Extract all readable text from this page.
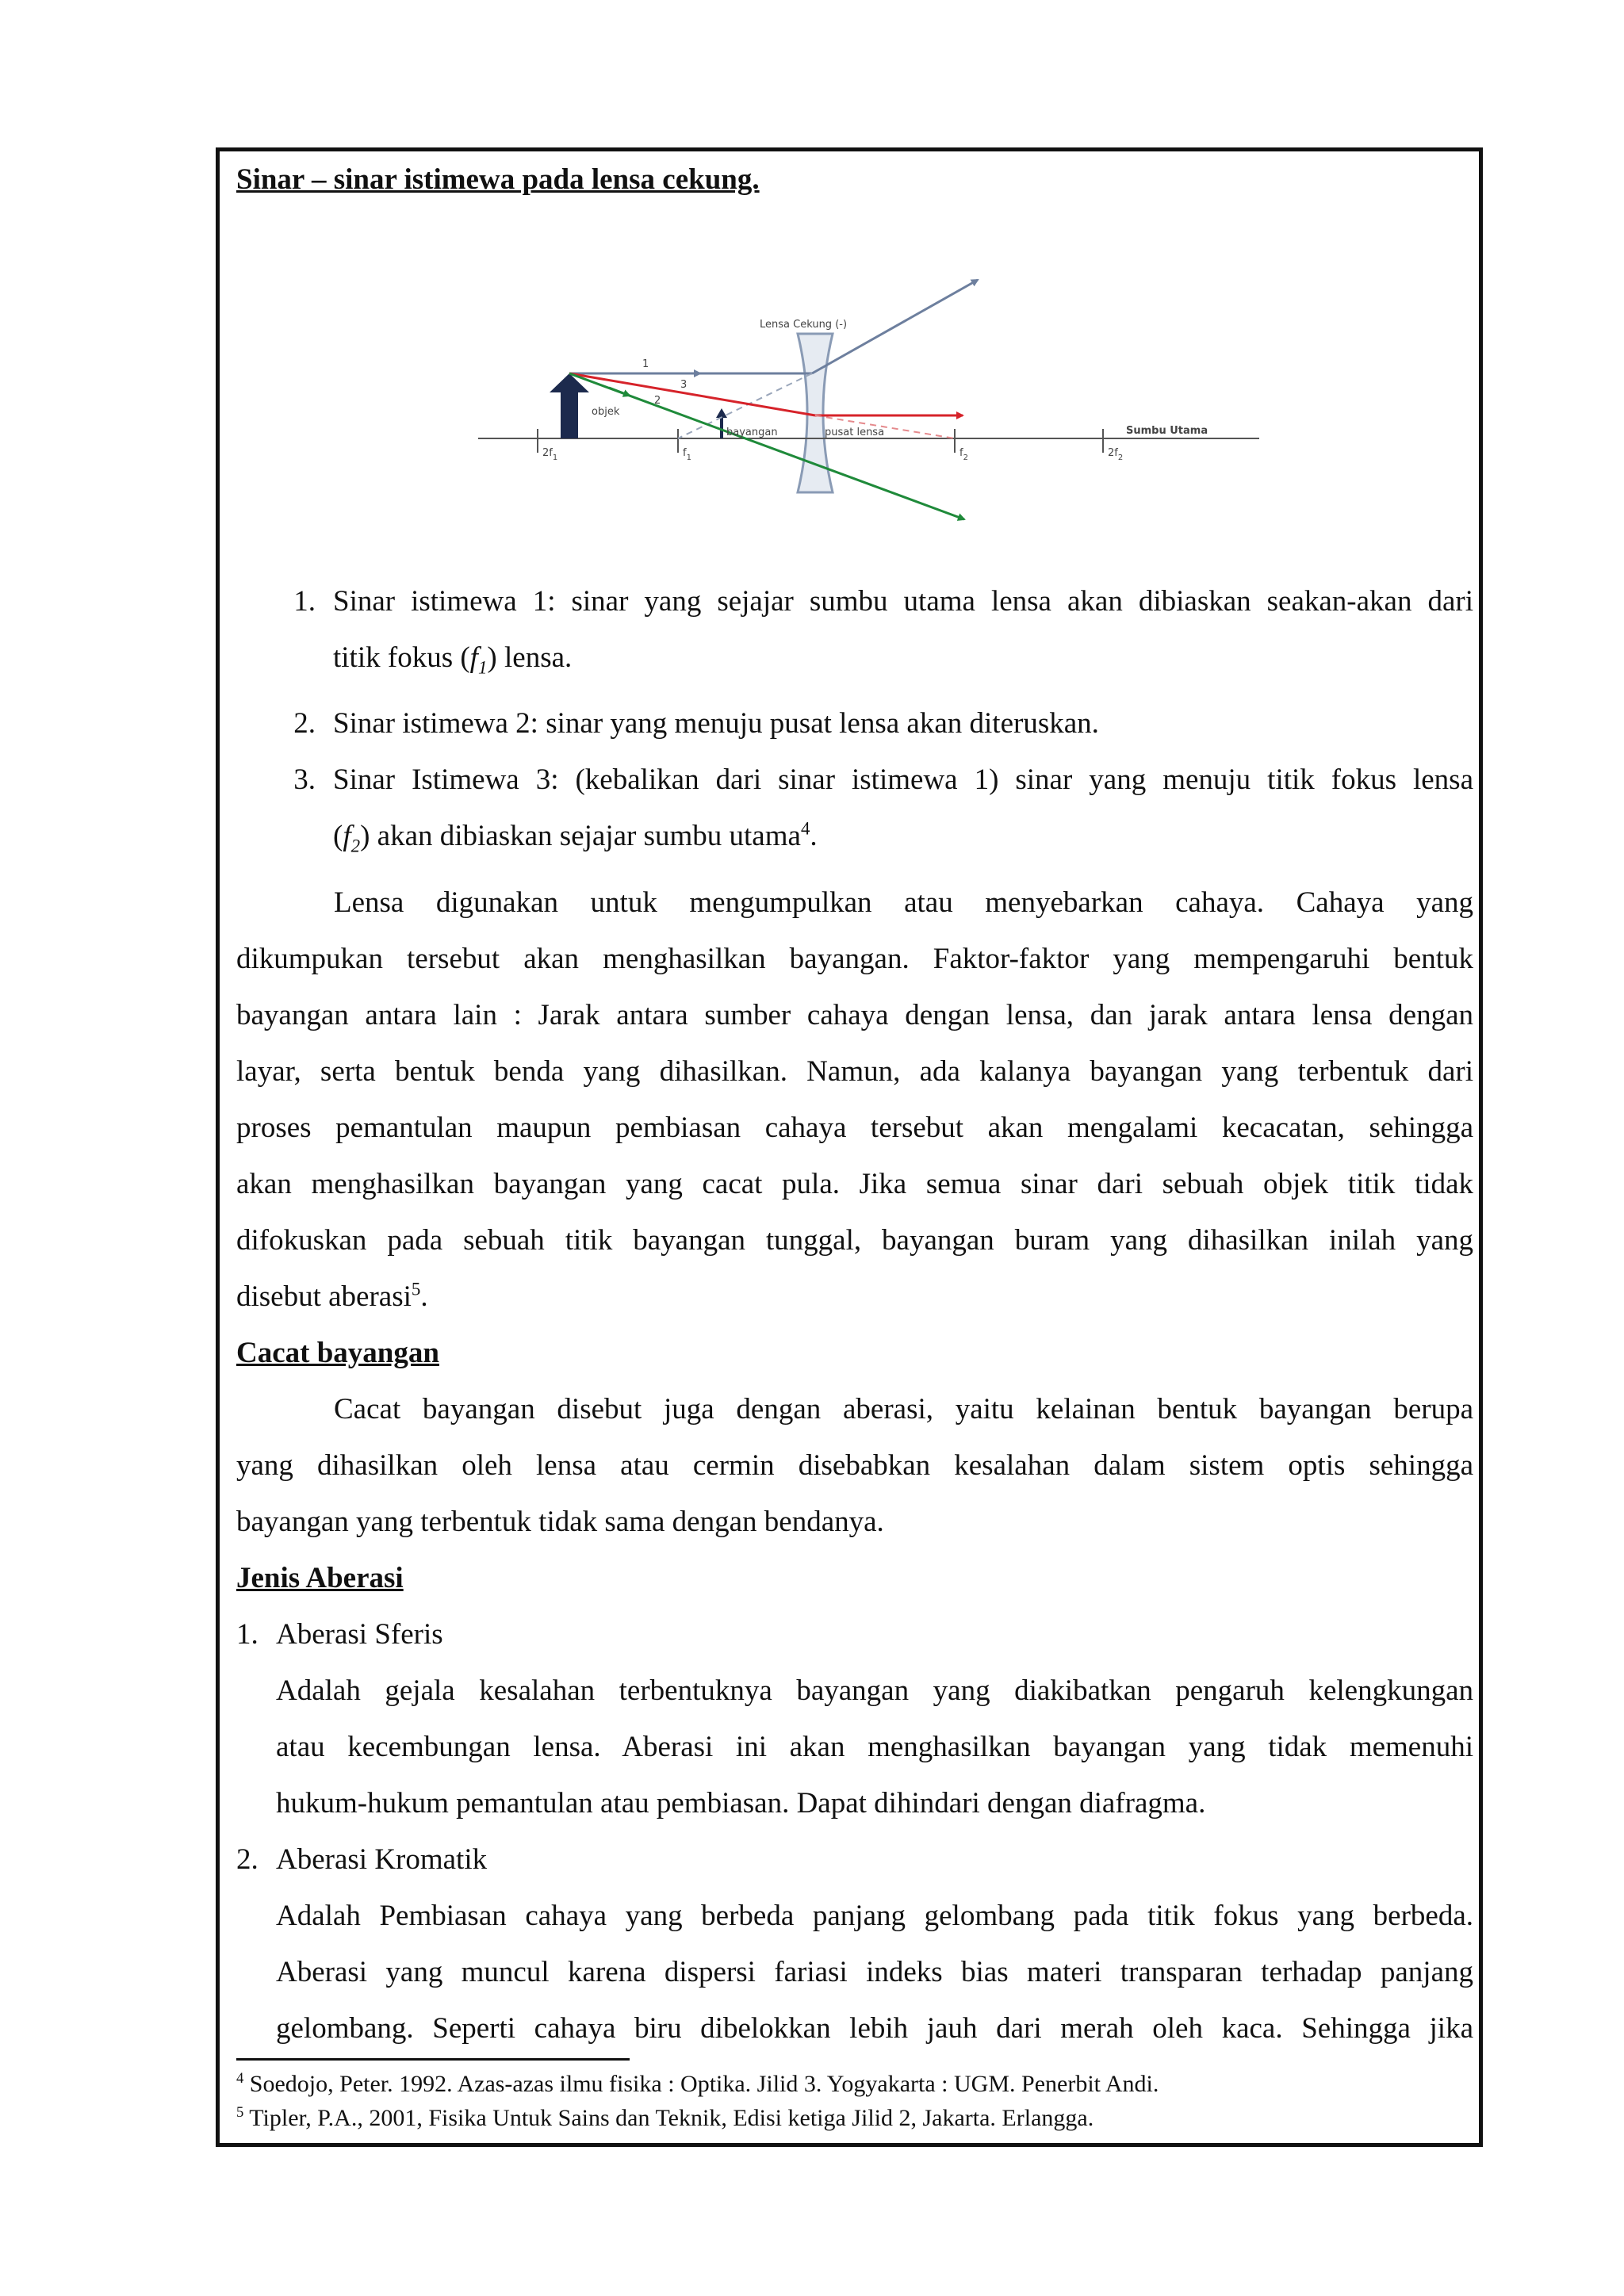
Sinar – sinar istimewa pada lensa cekung.
1
3
2
Lensa Cekung (-)
Sumbu Utama
objek
bayangan	pusat lensa
$2f_1$	$f_1$	$f_2$	$2f_2$
1. Sinar istimewa 1: sinar yang sejajar sumbu utama lensa akan dibiaskan seakan-akan dari
titik fokus $(f_1)$ lensa.
2. Sinar istimewa 2: sinar yang menuju pusat lensa akan diteruskan.
3. Sinar Istimewa 3: (kebalikan dari sinar istimewa 1) sinar yang menuju titik fokus lensa
$(f_2)$ akan dibiaskan sejajar sumbu utama$^4$.
Lensa digunakan untuk mengumpulkan atau menyebarkan cahaya. Cahaya yang
dikumpukan tersebut akan menghasilkan bayangan. Faktor-faktor yang mempengaruhi bentuk
bayangan antara lain : Jarak antara sumber cahaya dengan lensa, dan jarak antara lensa dengan
layar, serta bentuk benda yang dihasilkan. Namun, ada kalanya bayangan yang terbentuk dari
proses pemantulan maupun pembiasan cahaya tersebut akan mengalami kecacatan, sehingga
akan menghasilkan bayangan yang cacat pula. Jika semua sinar dari sebuah objek titik tidak
difokuskan pada sebuah titik bayangan tunggal, bayangan buram yang dihasilkan inilah yang
disebut aberasi$^5$.
Cacat bayangan
Cacat bayangan disebut juga dengan aberasi, yaitu kelainan bentuk bayangan berupa
yang dihasilkan oleh lensa atau cermin disebabkan kesalahan dalam sistem optis sehingga
bayangan yang terbentuk tidak sama dengan bendanya.
Jenis Aberasi
1. Aberasi Sferis
Adalah gejala kesalahan terbentuknya bayangan yang diakibatkan pengaruh kelengkungan
atau kecembungan lensa. Aberasi ini akan menghasilkan bayangan yang tidak memenuhi
hukum-hukum pemantulan atau pembiasan. Dapat dihindari dengan diafragma.
2. Aberasi Kromatik
Adalah Pembiasan cahaya yang berbeda panjang gelombang pada titik fokus yang berbeda.
Aberasi yang muncul karena dispersi fariasi indeks bias materi transparan terhadap panjang
gelombang. Seperti cahaya biru dibelokkan lebih jauh dari merah oleh kaca. Sehingga jika
$^4$ Soedojo, Peter. 1992. Azas-azas ilmu fisika : Optika. Jilid 3. Yogyakarta : UGM. Penerbit Andi.
$^5$ Tipler, P.A., 2001, Fisika Untuk Sains dan Teknik, Edisi ketiga Jilid 2, Jakarta. Erlangga.
